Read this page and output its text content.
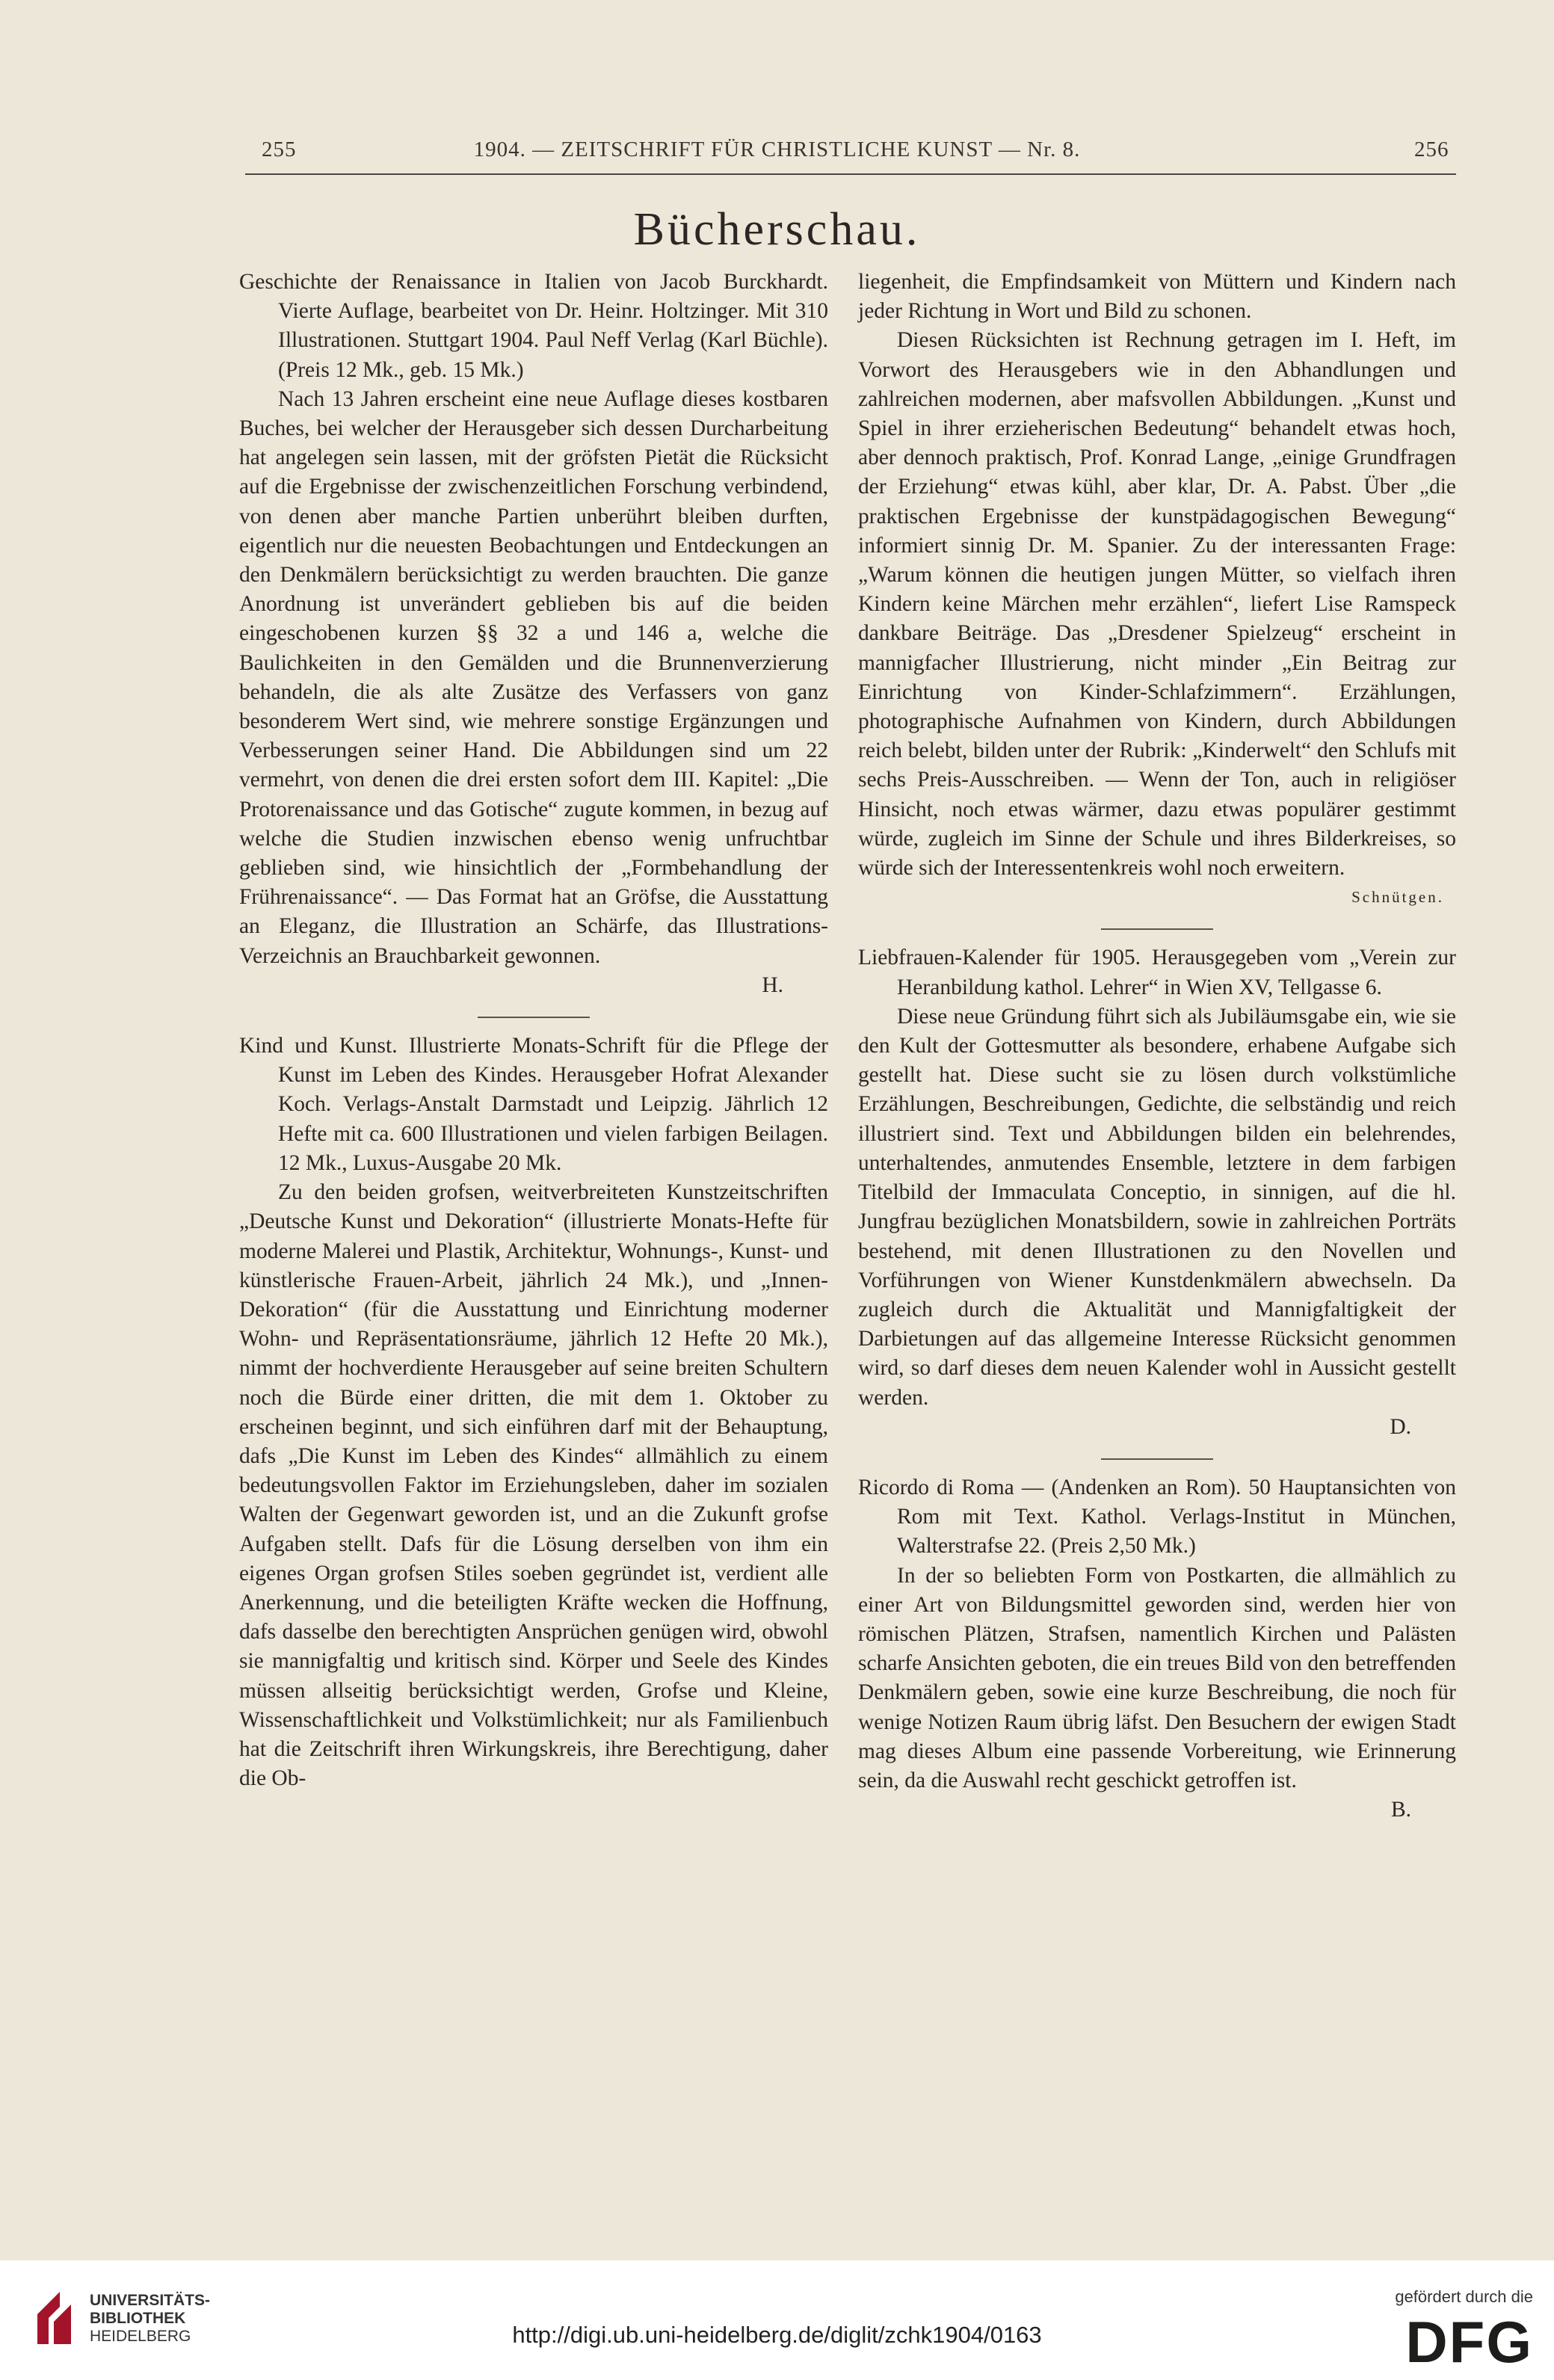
255	1904. — ZEITSCHRIFT FÜR CHRISTLICHE KUNST — Nr. 8.	256
Bücherschau.

Geschichte der Renaissance in Italien von Jacob Burckhardt. Vierte Auflage, bearbeitet von Dr. Heinr. Holtzinger. Mit 310 Illustrationen. Stuttgart 1904. Paul Neff Verlag (Karl Büchle). (Preis 12 Mk., geb. 15 Mk.)

Nach 13 Jahren erscheint eine neue Auflage dieses kostbaren Buches, bei welcher der Herausgeber sich dessen Durcharbeitung hat angelegen sein lassen, mit der gröfsten Pietät die Rücksicht auf die Ergebnisse der zwischenzeitlichen Forschung verbindend, von denen aber manche Partien unberührt bleiben durften, eigentlich nur die neuesten Beobachtungen und Entdeckungen an den Denkmälern berücksichtigt zu werden brauchten. Die ganze Anordnung ist unverändert geblieben bis auf die beiden eingeschobenen kurzen §§ 32 a und 146 a, welche die Baulichkeiten in den Gemälden und die Brunnenverzierung behandeln, die als alte Zusätze des Verfassers von ganz besonderem Wert sind, wie mehrere sonstige Ergänzungen und Verbesserungen seiner Hand. Die Abbildungen sind um 22 vermehrt, von denen die drei ersten sofort dem III. Kapitel: „Die Protorenaissance und das Gotische“ zugute kommen, in bezug auf welche die Studien inzwischen ebenso wenig unfruchtbar geblieben sind, wie hinsichtlich der „Formbehandlung der Frührenaissance“. — Das Format hat an Gröfse, die Ausstattung an Eleganz, die Illustration an Schärfe, das Illustrations-Verzeichnis an Brauchbarkeit gewonnen.

H.

Kind und Kunst. Illustrierte Monats-Schrift für die Pflege der Kunst im Leben des Kindes. Herausgeber Hofrat Alexander Koch. Verlags-Anstalt Darmstadt und Leipzig. Jährlich 12 Hefte mit ca. 600 Illustrationen und vielen farbigen Beilagen. 12 Mk., Luxus-Ausgabe 20 Mk.

Zu den beiden grofsen, weitverbreiteten Kunstzeitschriften „Deutsche Kunst und Dekoration“ (illustrierte Monats-Hefte für moderne Malerei und Plastik, Architektur, Wohnungs-, Kunst- und künstlerische Frauen-Arbeit, jährlich 24 Mk.), und „Innen-Dekoration“ (für die Ausstattung und Einrichtung moderner Wohn- und Repräsentationsräume, jährlich 12 Hefte 20 Mk.), nimmt der hochverdiente Herausgeber auf seine breiten Schultern noch die Bürde einer dritten, die mit dem 1. Oktober zu erscheinen beginnt, und sich einführen darf mit der Behauptung, dafs „Die Kunst im Leben des Kindes“ allmählich zu einem bedeutungsvollen Faktor im Erziehungsleben, daher im sozialen Walten der Gegenwart geworden ist, und an die Zukunft grofse Aufgaben stellt. Dafs für die Lösung derselben von ihm ein eigenes Organ grofsen Stiles soeben gegründet ist, verdient alle Anerkennung, und die beteiligten Kräfte wecken die Hoffnung, dafs dasselbe den berechtigten Ansprüchen genügen wird, obwohl sie mannigfaltig und kritisch sind. Körper und Seele des Kindes müssen allseitig berücksichtigt werden, Grofse und Kleine, Wissenschaftlichkeit und Volkstümlichkeit; nur als Familienbuch hat die Zeitschrift ihren Wirkungskreis, ihre Berechtigung, daher die Ob-

liegenheit, die Empfindsamkeit von Müttern und Kindern nach jeder Richtung in Wort und Bild zu schonen.

Diesen Rücksichten ist Rechnung getragen im I. Heft, im Vorwort des Herausgebers wie in den Abhandlungen und zahlreichen modernen, aber mafsvollen Abbildungen. „Kunst und Spiel in ihrer erzieherischen Bedeutung“ behandelt etwas hoch, aber dennoch praktisch, Prof. Konrad Lange, „einige Grundfragen der Erziehung“ etwas kühl, aber klar, Dr. A. Pabst. Über „die praktischen Ergebnisse der kunstpädagogischen Bewegung“ informiert sinnig Dr. M. Spanier. Zu der interessanten Frage: „Warum können die heutigen jungen Mütter, so vielfach ihren Kindern keine Märchen mehr erzählen“, liefert Lise Ramspeck dankbare Beiträge. Das „Dresdener Spielzeug“ erscheint in mannigfacher Illustrierung, nicht minder „Ein Beitrag zur Einrichtung von Kinder-Schlafzimmern“. Erzählungen, photographische Aufnahmen von Kindern, durch Abbildungen reich belebt, bilden unter der Rubrik: „Kinderwelt“ den Schlufs mit sechs Preis-Ausschreiben. — Wenn der Ton, auch in religiöser Hinsicht, noch etwas wärmer, dazu etwas populärer gestimmt würde, zugleich im Sinne der Schule und ihres Bilderkreises, so würde sich der Interessentenkreis wohl noch erweitern.

Schnütgen.

Liebfrauen-Kalender für 1905. Herausgegeben vom „Verein zur Heranbildung kathol. Lehrer“ in Wien XV, Tellgasse 6.

Diese neue Gründung führt sich als Jubiläumsgabe ein, wie sie den Kult der Gottesmutter als besondere, erhabene Aufgabe sich gestellt hat. Diese sucht sie zu lösen durch volkstümliche Erzählungen, Beschreibungen, Gedichte, die selbständig und reich illustriert sind. Text und Abbildungen bilden ein belehrendes, unterhaltendes, anmutendes Ensemble, letztere in dem farbigen Titelbild der Immaculata Conceptio, in sinnigen, auf die hl. Jungfrau bezüglichen Monatsbildern, sowie in zahlreichen Porträts bestehend, mit denen Illustrationen zu den Novellen und Vorführungen von Wiener Kunstdenkmälern abwechseln. Da zugleich durch die Aktualität und Mannigfaltigkeit der Darbietungen auf das allgemeine Interesse Rücksicht genommen wird, so darf dieses dem neuen Kalender wohl in Aussicht gestellt werden.

D.

Ricordo di Roma — (Andenken an Rom). 50 Hauptansichten von Rom mit Text. Kathol. Verlags-Institut in München, Walterstrafse 22. (Preis 2,50 Mk.)

In der so beliebten Form von Postkarten, die allmählich zu einer Art von Bildungsmittel geworden sind, werden hier von römischen Plätzen, Strafsen, namentlich Kirchen und Palästen scharfe Ansichten geboten, die ein treues Bild von den betreffenden Denkmälern geben, sowie eine kurze Beschreibung, die noch für wenige Notizen Raum übrig läfst. Den Besuchern der ewigen Stadt mag dieses Album eine passende Vorbereitung, wie Erinnerung sein, da die Auswahl recht geschickt getroffen ist.

B.

UNIVERSITÄTS-
BIBLIOTHEK
HEIDELBERG	http://digi.ub.uni-heidelberg.de/diglit/zchk1904/0163
gefördert durch die
DFG
